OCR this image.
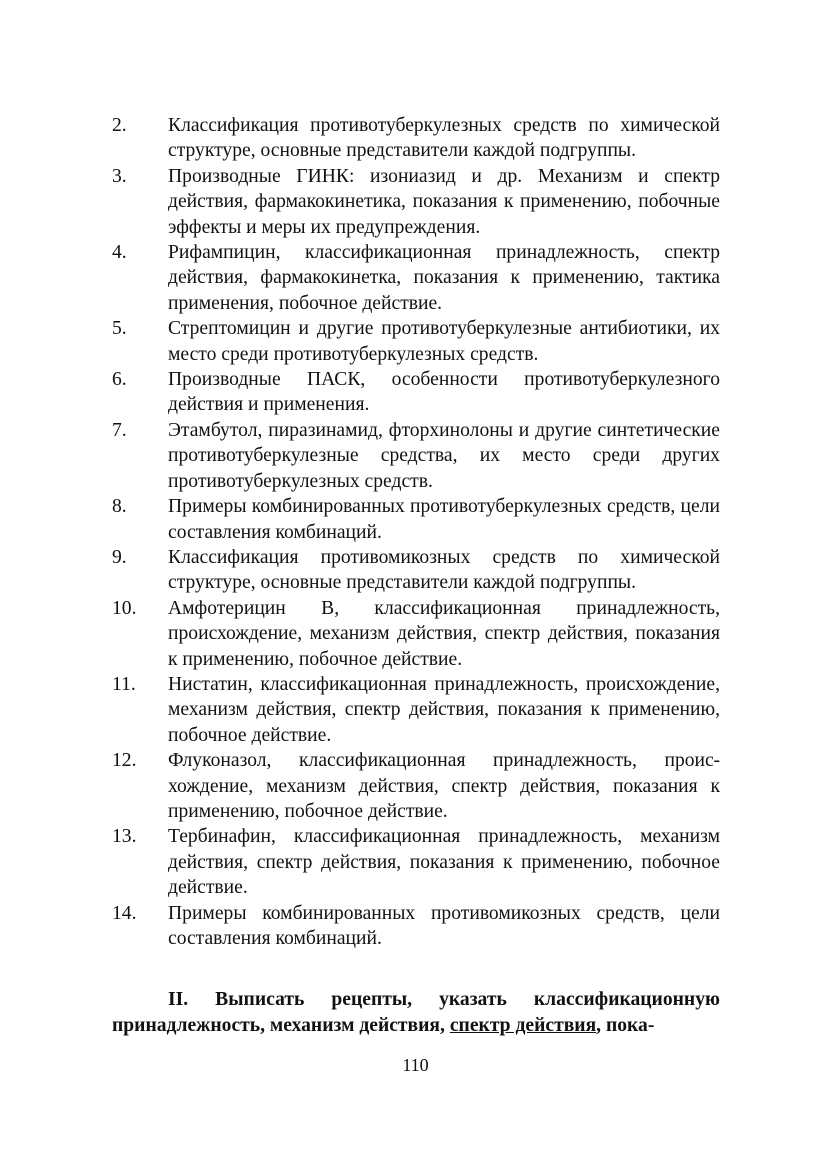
2.	Классификация противотуберкулезных средств по химической структуре, основные представители каждой подгруппы.
3.	Производные ГИНК: изониазид и др. Механизм и спектр действия, фармакокинетика, показания к применению, побочные эффекты и меры их предупреждения.
4.	Рифампицин, классификационная принадлежность, спектр действия, фармакокинетка, показания к применению, тактика применения, побочное действие.
5.	Стрептомицин и другие противотуберкулезные антибиотики, их место среди противотуберкулезных средств.
6.	Производные ПАСК, особенности противотуберкулезного действия и применения.
7.	Этамбутол, пиразинамид, фторхинолоны и другие синтетические противотуберкулезные средства, их место среди других противотуберкулезных средств.
8.	Примеры комбинированных противотуберкулезных средств, цели составления комбинаций.
9.	Классификация противомикозных средств по химической структуре, основные представители каждой подгруппы.
10.	Амфотерицин В, классификационная принадлежность, происхождение, механизм действия, спектр действия, показания к применению, побочное действие.
11.	Нистатин, классификационная принадлежность, происхождение, механизм действия, спектр действия, показания к применению, побочное действие.
12.	Флуконазол, классификационная принадлежность, происхождение, механизм действия, спектр действия, показания к применению, побочное действие.
13.	Тербинафин, классификационная принадлежность, механизм действия, спектр действия, показания к применению, побочное действие.
14.	Примеры комбинированных противомикозных средств, цели составления комбинаций.

II. Выписать рецепты, указать классификационную принадлежность, механизм действия, спектр действия, пока-

110
